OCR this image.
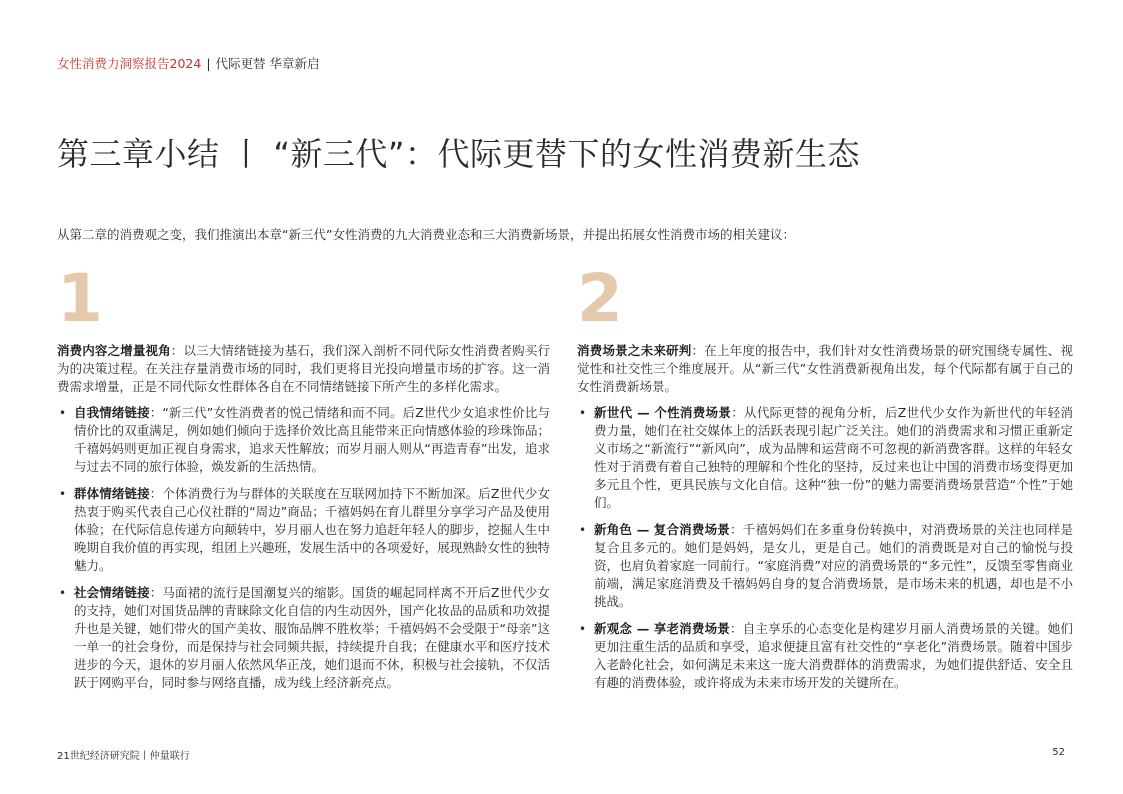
女性消费力洞察报告2024 | 代际更替 华章新启
第三章小结 丨 “新三代”：代际更替下的女性消费新生态
从第二章的消费观之变，我们推演出本章“新三代”女性消费的九大消费业态和三大消费新场景，并提出拓展女性消费市场的相关建议：
1

消费内容之增量视角：以三大情绪链接为基石，我们深入剖析不同代际女性消费者购买行为的决策过程。在关注存量消费市场的同时，我们更将目光投向增量市场的扩容。这一消费需求增量，正是不同代际女性群体各自在不同情绪链接下所产生的多样化需求。

• 自我情绪链接：“新三代”女性消费者的悦己情绪和而不同。后Z世代少女追求性价比与情价比的双重满足，例如她们倾向于选择价效比高且能带来正向情感体验的珍珠饰品；千禧妈妈则更加正视自身需求，追求天性解放；而岁月丽人则从“再造青春”出发，追求与过去不同的旅行体验，焕发新的生活热情。
• 群体情绪链接：个体消费行为与群体的关联度在互联网加持下不断加深。后Z世代少女热衷于购买代表自己心仪社群的“周边”商品；千禧妈妈在育儿群里分享学习产品及使用体验；在代际信息传递方向颠转中，岁月丽人也在努力追赶年轻人的脚步，挖掘人生中晚期自我价值的再实现，组团上兴趣班，发展生活中的各项爱好，展现熟龄女性的独特魅力。
• 社会情绪链接：马面裙的流行是国潮复兴的缩影。国货的崛起同样离不开后Z世代少女的支持，她们对国货品牌的青睐除文化自信的内生动因外，国产化妆品的品质和功效提升也是关键，她们带火的国产美妆、服饰品牌不胜枚举；千禧妈妈不会受限于“母亲”这一单一的社会身份，而是保持与社会同频共振，持续提升自我；在健康水平和医疗技术进步的今天，退休的岁月丽人依然风华正茂，她们退而不休，积极与社会接轨，不仅活跃于网购平台，同时参与网络直播，成为线上经济新亮点。
2

消费场景之未来研判：在上年度的报告中，我们针对女性消费场景的研究围绕专属性、视觉性和社交性三个维度展开。从“新三代”女性消费新视角出发，每个代际都有属于自己的女性消费新场景。

• 新世代 — 个性消费场景：从代际更替的视角分析，后Z世代少女作为新世代的年轻消费力量，她们在社交媒体上的活跃表现引起广泛关注。她们的消费需求和习惯正重新定义市场之“新流行”“新风向”，成为品牌和运营商不可忽视的新消费客群。这样的年轻女性对于消费有着自己独特的理解和个性化的坚持，反过来也让中国的消费市场变得更加多元且个性，更具民族与文化自信。这种“独一份”的魅力需要消费场景营造“个性”于她们。
• 新角色 — 复合消费场景：千禧妈妈们在多重身份转换中，对消费场景的关注也同样是复合且多元的。她们是妈妈，是女儿，更是自己。她们的消费既是对自己的愉悦与投资，也肩负着家庭一同前行。“家庭消费”对应的消费场景的“多元性”，反馈至零售商业前端，满足家庭消费及千禧妈妈自身的复合消费场景，是市场未来的机遇，却也是不小挑战。
• 新观念 — 享老消费场景：自主享乐的心态变化是构建岁月丽人消费场景的关键。她们更加注重生活的品质和享受，追求便捷且富有社交性的“享老化”消费场景。随着中国步入老龄化社会，如何满足未来这一庞大消费群体的消费需求，为她们提供舒适、安全且有趣的消费体验，或许将成为未来市场开发的关键所在。
21世纪经济研究院丨仲量联行	52
